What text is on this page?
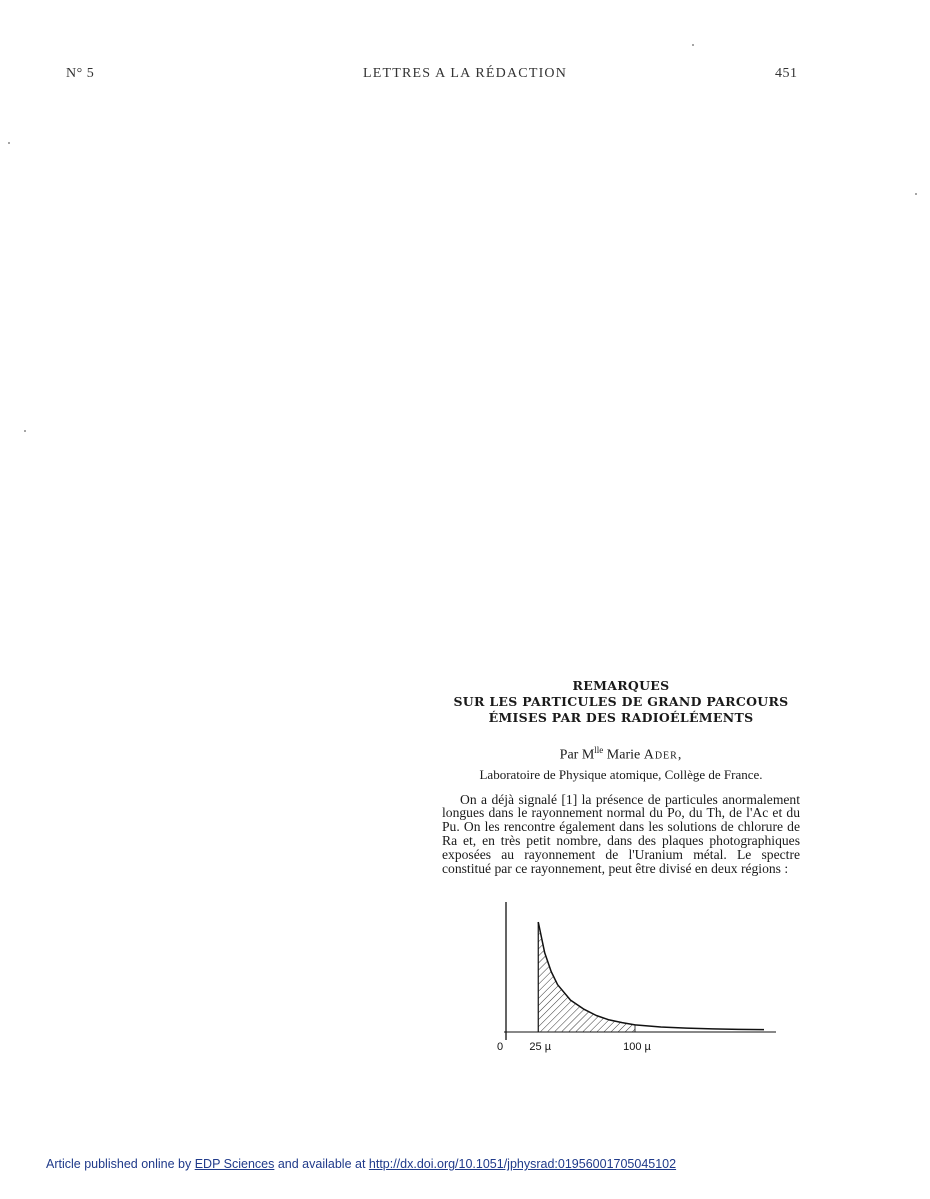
N° 5	LETTRES A LA RÉDACTION	451
REMARQUES
SUR LES PARTICULES DE GRAND PARCOURS
ÉMISES PAR DES RADIOÉLÉMENTS
Par $M^{lle}$ Marie Ader,
Laboratoire de Physique atomique, Collège de France.

On a déjà signalé [1] la présence de particules anormalement longues dans le rayonnement normal du Po, du Th, de l'Ac et du Pu. On les rencontre également dans les solutions de chlorure de Ra et, en très petit nombre, dans des plaques photographiques exposées au rayonnement de l'Uranium métal. Le spectre constitué par ce rayonnement, peut être divisé en deux régions :

0 25 µ	100 µ
Article published online by EDP Sciences and available at http://dx.doi.org/10.1051/jphysrad:01956001705045102
